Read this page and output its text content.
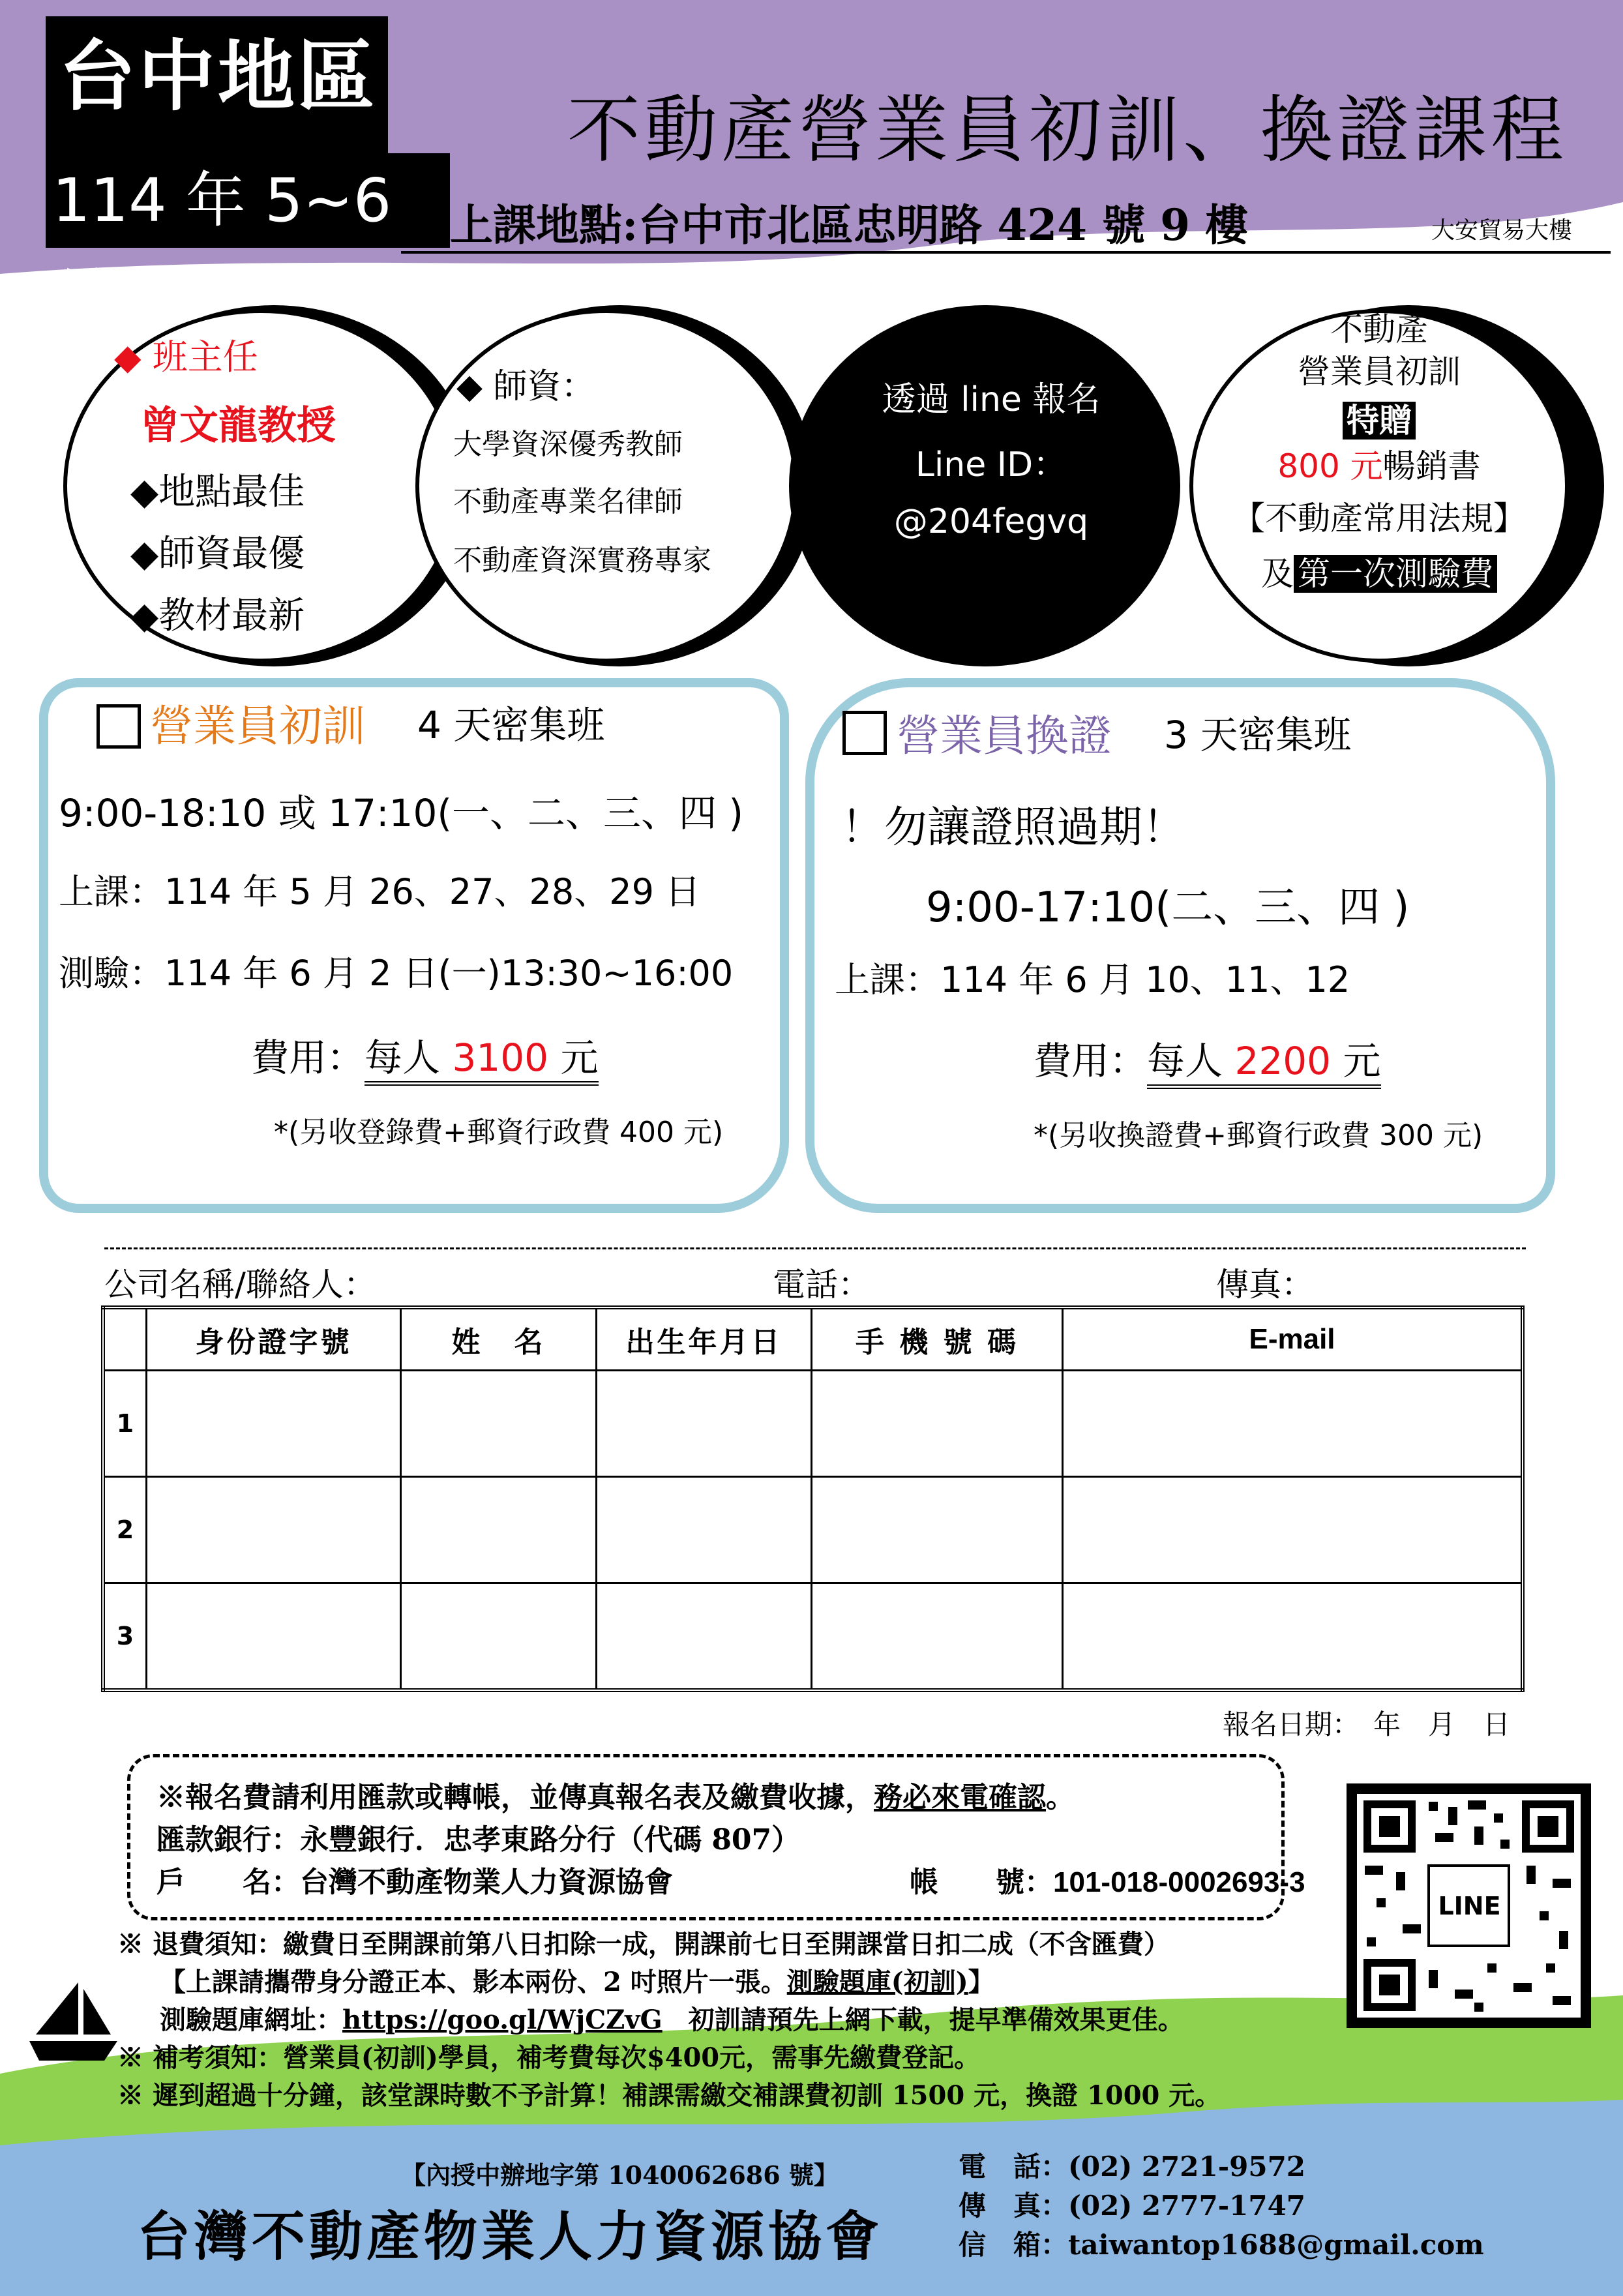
台中地區
114 年 5~6 月
不動產營業員初訓、換證課程
上課地點:台中市北區忠明路 424 號 9 樓	大安貿易大樓
◆ 班主任
曾文龍教授
◆地點最佳
◆師資最優
◆教材最新
◆ 師資：
大學資深優秀教師
不動產專業名律師
不動產資深實務專家
透過 line 報名
Line ID：
@204fegvq
不動產
營業員初訓
特贈
800 元暢銷書
【不動產常用法規】
及 第一次測驗費
營業員初訓 4 天密集班
9:00-18:10 或 17:10(一、二、三、四 )
上課：114 年 5 月 26、27、28、29 日
測驗：114 年 6 月 2 日(一)13:30~16:00
費用：每人 3100 元
*(另收登錄費+郵資行政費 400 元)
營業員換證 3 天密集班
！勿讓證照過期！
9:00-17:10(二、三、四 )
上課：114 年 6 月 10、11、12
費用：每人 2200 元
*(另收換證費+郵資行政費 300 元)
公司名稱/聯絡人：	電話：	傳真：
	身份證字號	姓　名	出生年月日	手 機 號 碼	E-mail
1					
2					
3					
報名日期：　年　月　日
※報名費請利用匯款或轉帳，並傳真報名表及繳費收據，務必來電確認。
匯款銀行：永豐銀行．忠孝東路分行（代碼 807）
戶　　名：台灣不動產物業人力資源協會	帳　　號：101-018-0002693-3
※ 退費須知：繳費日至開課前第八日扣除一成，開課前七日至開課當日扣二成（不含匯費）
【上課請攜帶身分證正本、影本兩份、2 吋照片一張。測驗題庫(初訓)】
測驗題庫網址：https://goo.gl/WjCZvG　 初訓請預先上網下載，提早準備效果更佳。
※ 補考須知：營業員(初訓)學員，補考費每次$400元，需事先繳費登記。
※ 遲到超過十分鐘，該堂課時數不予計算！補課需繳交補課費初訓 1500 元，換證 1000 元。
LINE
【內授中辦地字第 1040062686 號】
台灣不動產物業人力資源協會
電　話：(02) 2721-9572
傳　真：(02) 2777-1747
信　箱：taiwantop1688@gmail.com
